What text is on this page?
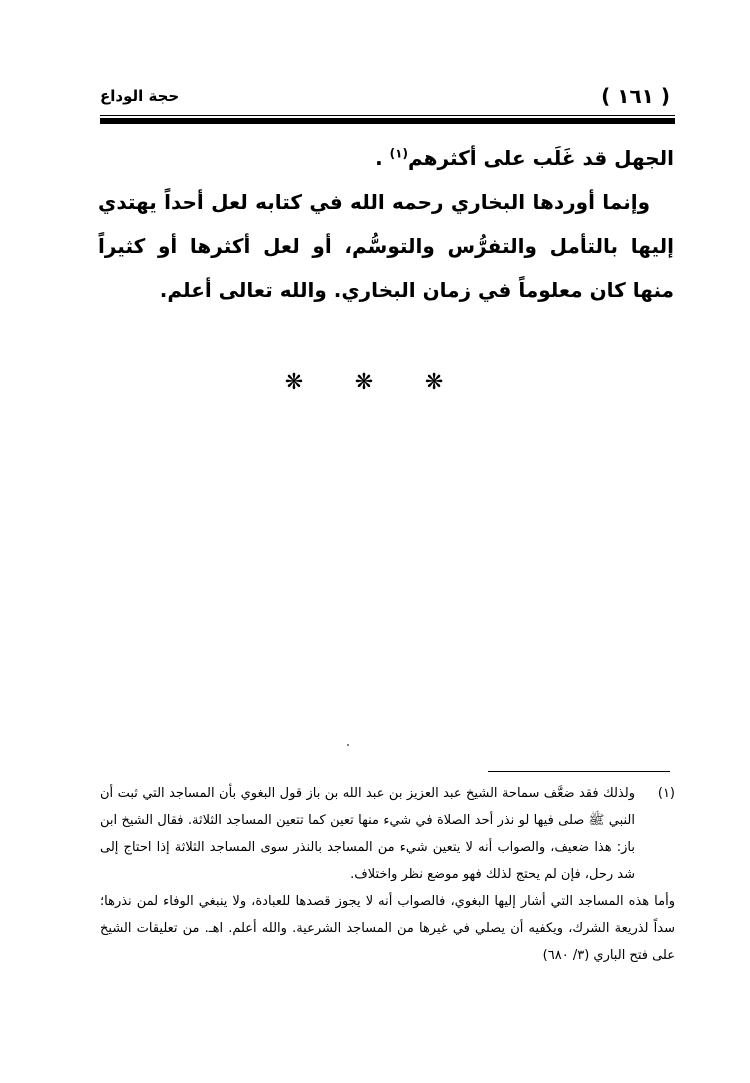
( ١٦١ )
حجة الوداع

الجهل قد غَلَب على أكثرهم$^{(١)}$ .

وإنما أوردها البخاري رحمه الله في كتابه لعل أحداً يهتدي إليها بالتأمل والتفرُّس والتوسُّم، أو لعل أكثرها أو كثيراً منها كان معلوماً في زمان البخاري. والله تعالى أعلم.

❋ ❋ ❋
(١)
ولذلك فقد ضعَّف سماحة الشيخ عبد العزيز بن عبد الله بن باز قول البغوي بأن المساجد التي ثبت أن النبي ﷺ صلى فيها لو نذر أحد الصلاة في شيء منها تعين كما تتعين المساجد الثلاثة. فقال الشيخ ابن باز: هذا ضعيف، والصواب أنه لا يتعين شيء من المساجد بالنذر سوى المساجد الثلاثة إذا احتاج إلى شد رحل، فإن لم يحتج لذلك فهو موضع نظر واختلاف.

وأما هذه المساجد التي أشار إليها البغوي، فالصواب أنه لا يجوز قصدها للعبادة، ولا ينبغي الوفاء لمن نذرها؛ سداً لذريعة الشرك، ويكفيه أن يصلي في غيرها من المساجد الشرعية. والله أعلم. اهـ. من تعليقات الشيخ على فتح الباري (٣/ ٦٨٠)
